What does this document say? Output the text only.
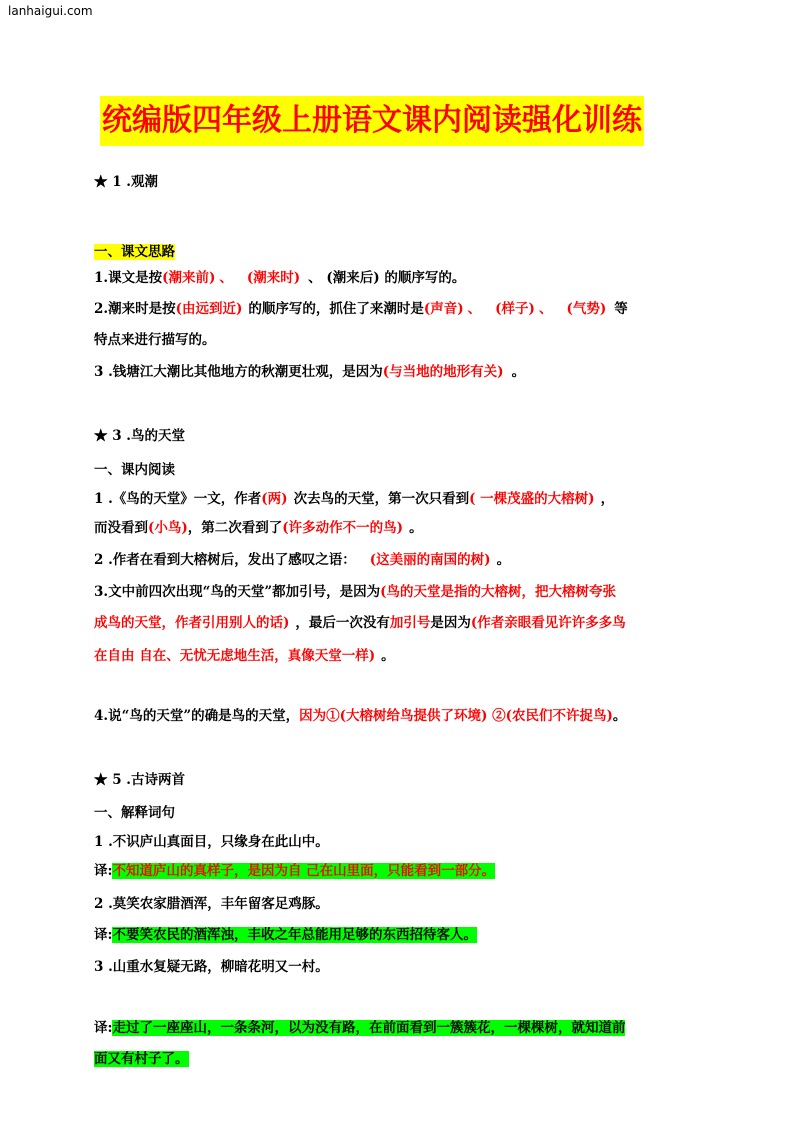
lanhaigui.com
统编版四年级上册语文课内阅读强化训练
★ 1 .观潮
一、课文思路
1.课文是按(潮来前) 、 (潮来时) 、 (潮来后) 的顺序写的。
2.潮来时是按(由远到近) 的顺序写的，抓住了来潮时是(声音) 、 (样子) 、 (气势) 等
特点来进行描写的。
3 .钱塘江大潮比其他地方的秋潮更壮观，是因为(与当地的地形有关) 。
★ 3 .鸟的天堂
一、课内阅读
1 .《鸟的天堂》一文，作者(两) 次去鸟的天堂，第一次只看到( 一棵茂盛的大榕树) ，
而没看到(小鸟)，第二次看到了(许多动作不一的鸟) 。
2 .作者在看到大榕树后，发出了感叹之语： (这美丽的南国的树) 。
3.文中前四次出现“鸟的天堂”都加引号，是因为(鸟的天堂是指的大榕树，把大榕树夸张
成鸟的天堂，作者引用别人的话) ，最后一次没有加引号是因为(作者亲眼看见许许多多鸟
在自由 自在、无忧无虑地生活，真像天堂一样) 。
4.说“鸟的天堂”的确是鸟的天堂，因为①(大榕树给鸟提供了环境) ②(农民们不许捉鸟)。
★ 5 .古诗两首
一、解释词句
1 .不识庐山真面目，只缘身在此山中。
译:不知道庐山的真样子，是因为自 己在山里面，只能看到一部分。
2 .莫笑农家腊酒浑，丰年留客足鸡豚。
译:不要笑农民的酒浑浊，丰收之年总能用足够的东西招待客人。
3 .山重水复疑无路，柳暗花明又一村。
译:走过了一座座山，一条条河，以为没有路，在前面看到一簇簇花，一棵棵树，就知道前
面又有村子了。
